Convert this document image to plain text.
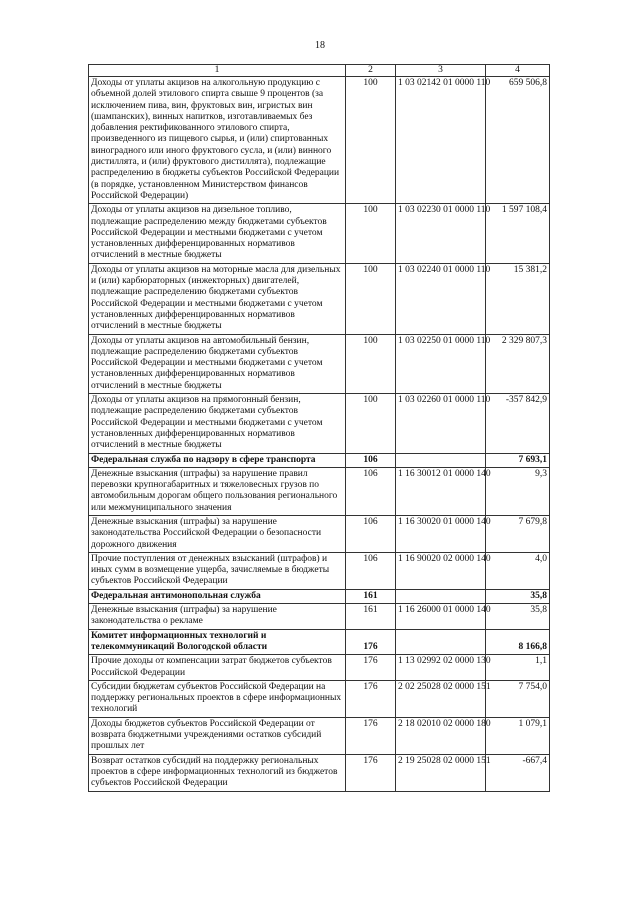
18
1	2	3	4
Доходы от уплаты акцизов на алкогольную продукцию с объемной долей этилового спирта свыше 9 процентов (за исключением пива, вин, фруктовых вин, игристых вин (шампанских), винных напитков, изготавливаемых без добавления ректификованного этилового спирта, произведенного из пищевого сырья, и (или) спиртованных виноградного или иного фруктового сусла, и (или) винного дистиллята, и (или) фруктового дистиллята), подлежащие распределению в бюджеты субъектов Российской Федерации (в порядке, установленном Министерством финансов Российской Федерации)	100	1 03 02142 01 0000 110	659 506,8
Доходы от уплаты акцизов на дизельное топливо, подлежащие распределению между бюджетами субъектов Российской Федерации и местными бюджетами с учетом установленных дифференцированных нормативов отчислений в местные бюджеты	100	1 03 02230 01 0000 110	1 597 108,4
Доходы от уплаты акцизов на моторные масла для дизельных и (или) карбюраторных (инжекторных) двигателей, подлежащие распределению бюджетами субъектов Российской Федерации и местными бюджетами с учетом установленных дифференцированных нормативов отчислений в местные бюджеты	100	1 03 02240 01 0000 110	15 381,2
Доходы от уплаты акцизов на автомобильный бензин, подлежащие распределению бюджетами субъектов Российской Федерации и местными бюджетами с учетом установленных дифференцированных нормативов отчислений в местные бюджеты	100	1 03 02250 01 0000 110	2 329 807,3
Доходы от уплаты акцизов на прямогонный бензин, подлежащие распределению бюджетами субъектов Российской Федерации и местными бюджетами с учетом установленных дифференцированных нормативов отчислений в местные бюджеты	100	1 03 02260 01 0000 110	-357 842,9
Федеральная служба по надзору в сфере транспорта	106		7 693,1
Денежные взыскания (штрафы) за нарушение правил перевозки крупногабаритных и тяжеловесных грузов по автомобильным дорогам общего пользования регионального или межмуниципального значения	106	1 16 30012 01 0000 140	9,3
Денежные взыскания (штрафы) за нарушение законодательства Российской Федерации о безопасности дорожного движения	106	1 16 30020 01 0000 140	7 679,8
Прочие поступления от денежных взысканий (штрафов) и иных сумм в возмещение ущерба, зачисляемые в бюджеты субъектов Российской Федерации	106	1 16 90020 02 0000 140	4,0
Федеральная антимонопольная служба	161		35,8
Денежные взыскания (штрафы) за нарушение законодательства о рекламе	161	1 16 26000 01 0000 140	35,8
Комитет информационных технологий и телекоммуникаций Вологодской области	176		8 166,8
Прочие доходы от компенсации затрат бюджетов субъектов Российской Федерации	176	1 13 02992 02 0000 130	1,1
Субсидии бюджетам субъектов Российской Федерации на поддержку региональных проектов в сфере информационных технологий	176	2 02 25028 02 0000 151	7 754,0
Доходы бюджетов субъектов Российской Федерации от возврата бюджетными учреждениями остатков субсидий прошлых лет	176	2 18 02010 02 0000 180	1 079,1
Возврат остатков субсидий на поддержку региональных проектов в сфере информационных технологий из бюджетов субъектов Российской Федерации	176	2 19 25028 02 0000 151	-667,4
